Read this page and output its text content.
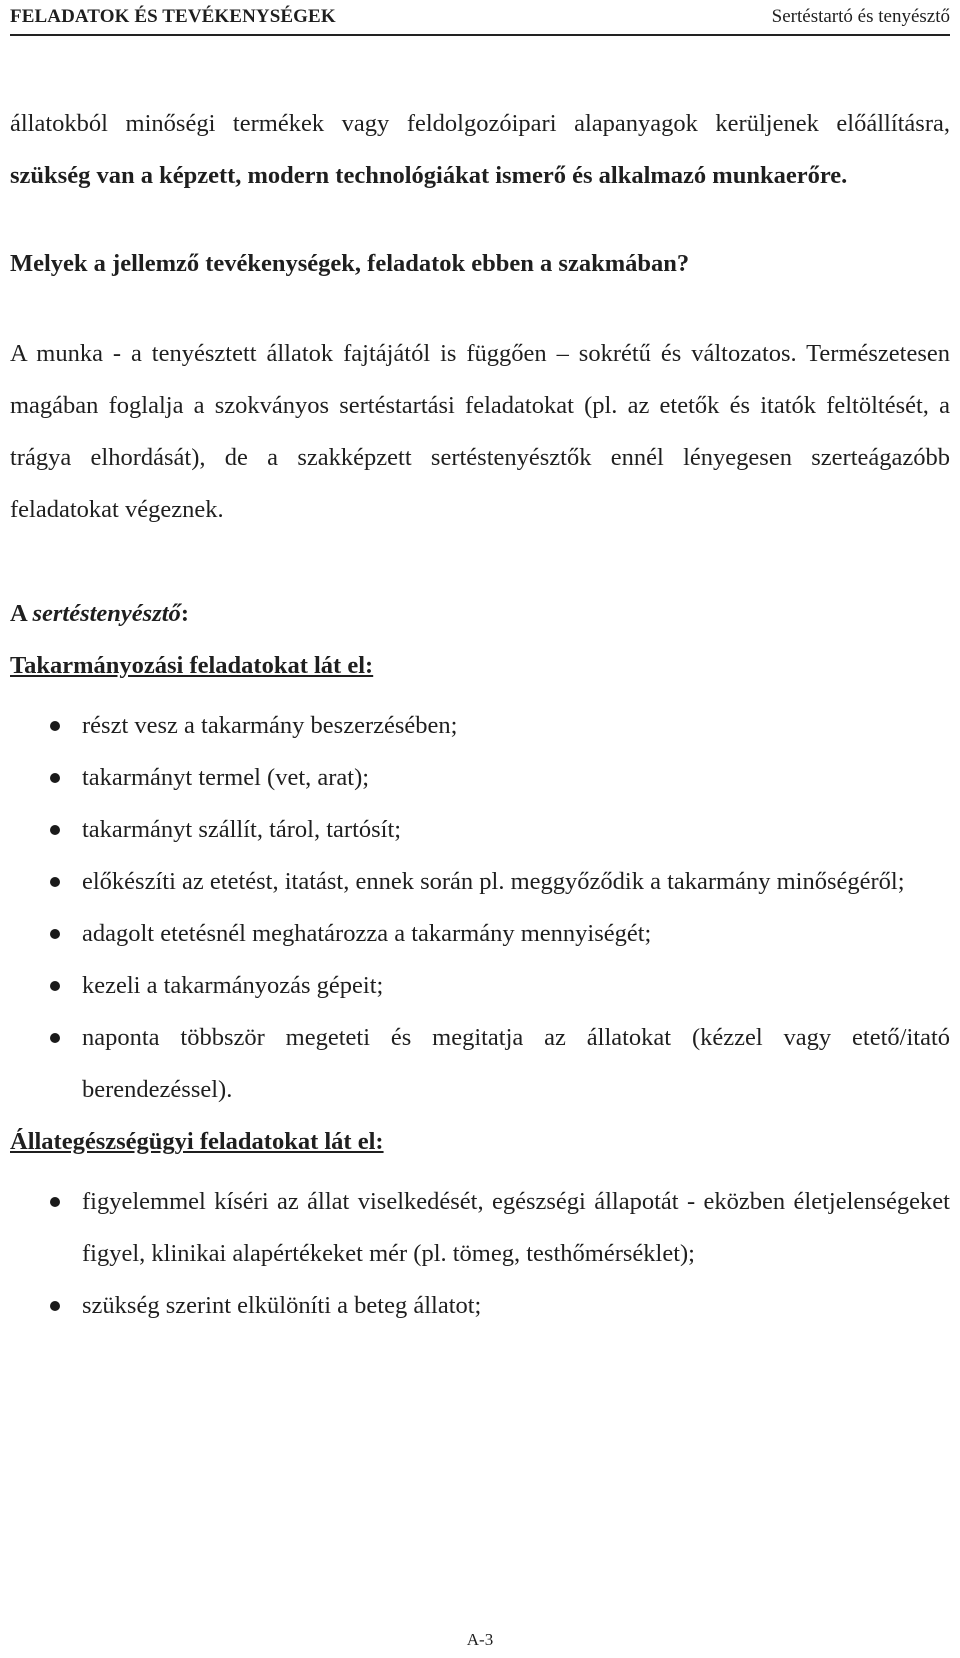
FELADATOK ÉS TEVÉKENYSÉGEK	Sertéstartó és tenyésztő

állatokból minőségi termékek vagy feldolgozóipari alapanyagok kerüljenek előállításra, szükség van a képzett, modern technológiákat ismerő és alkalmazó munkaerőre.

Melyek a jellemző tevékenységek, feladatok ebben a szakmában?

A munka - a tenyésztett állatok fajtájától is függően – sokrétű és változatos. Természetesen magában foglalja a szokványos sertéstartási feladatokat (pl. az etetők és itatók feltöltését, a trágya elhordását), de a szakképzett sertéstenyésztők ennél lényegesen szerteágazóbb feladatokat végeznek.

A sertéstenyésztő:

Takarmányozási feladatokat lát el:
részt vesz a takarmány beszerzésében;
takarmányt termel (vet, arat);
takarmányt szállít, tárol, tartósít;
előkészíti az etetést, itatást, ennek során pl. meggyőződik a takarmány minőségéről;
adagolt etetésnél meghatározza a takarmány mennyiségét;
kezeli a takarmányozás gépeit;
naponta többször megeteti és megitatja az állatokat (kézzel vagy etető/itató berendezéssel).
Állategészségügyi feladatokat lát el:
figyelemmel kíséri az állat viselkedését, egészségi állapotát - eközben életjelenségeket figyel, klinikai alapértékeket mér (pl. tömeg, testhőmérséklet);
szükség szerint elkülöníti a beteg állatot;
A-3
